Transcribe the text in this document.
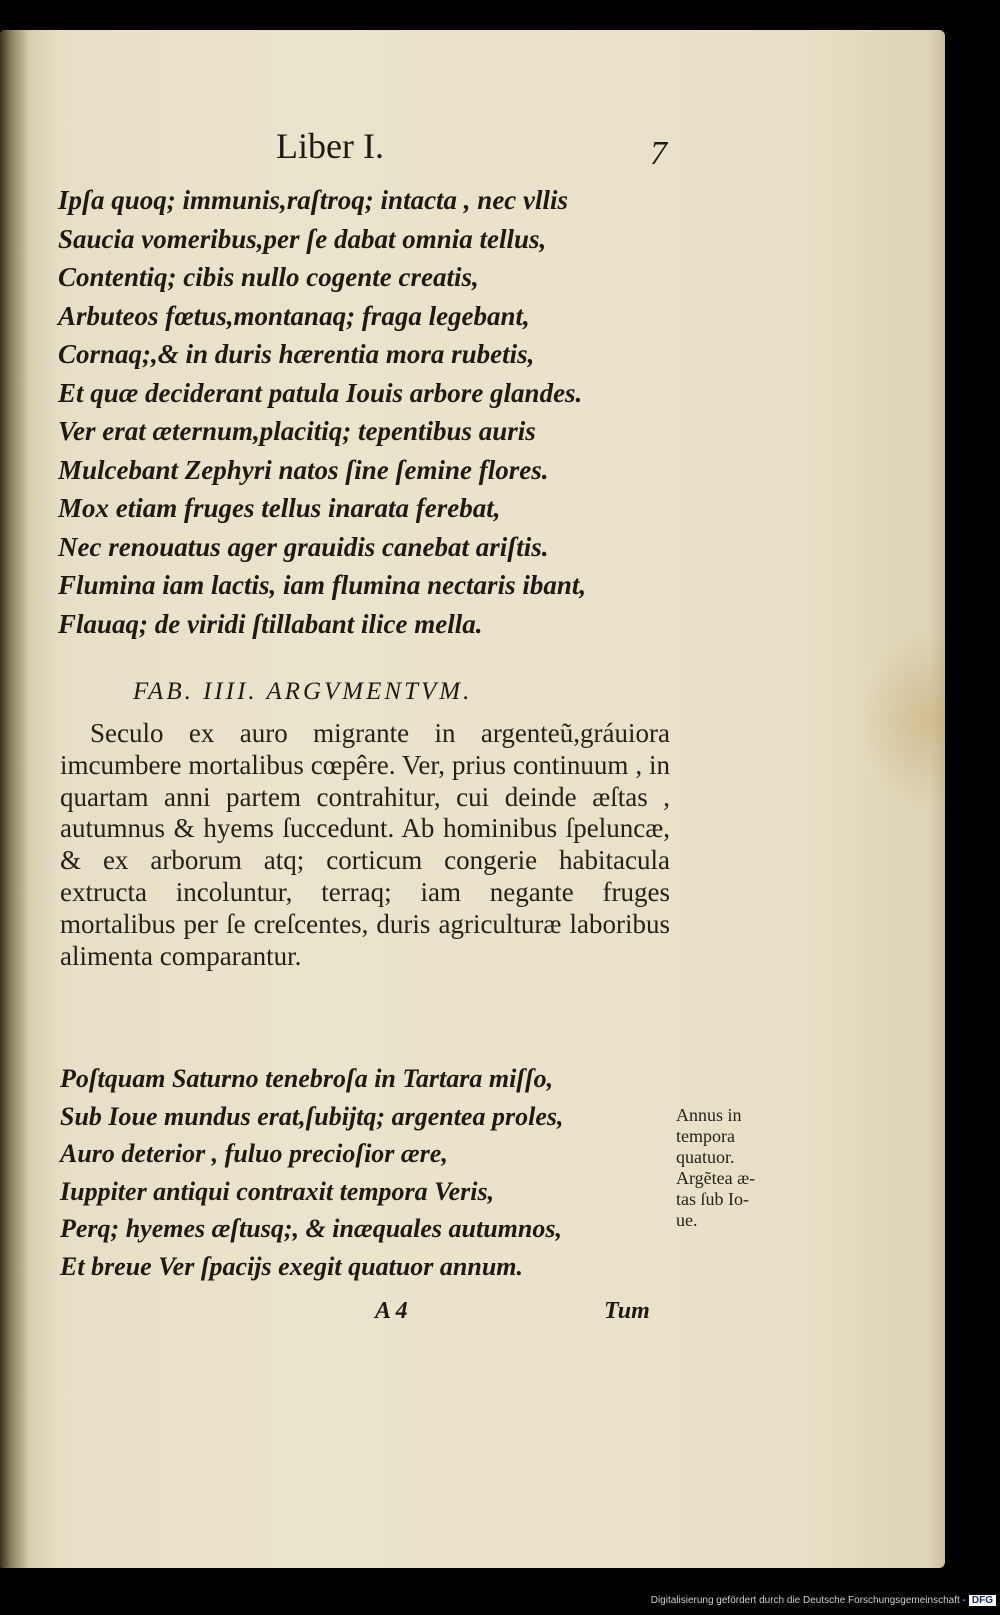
Liber I.	7
Ipſa quoq; immunis,raſtroq; intacta , nec vllis
Saucia vomeribus,per ſe dabat omnia tellus,
Contentiq; cibis nullo cogente creatis,
Arbuteos fœtus,montanaq; fraga legebant,
Cornaq;,& in duris hærentia mora rubetis,
Et quæ deciderant patula Iouis arbore glandes.
Ver erat æternum,placitiq; tepentibus auris
Mulcebant Zephyri natos ſine ſemine flores.
Mox etiam fruges tellus inarata ferebat,
Nec renouatus ager grauidis canebat ariſtis.
Flumina iam lactis, iam flumina nectaris ibant,
Flauaq; de viridi ſtillabant ilice mella.
FAB. IIII. ARGVMENTVM.

Seculo ex auro migrante in argenteũ,gráuiora imcumbere mortalibus cœpêre. Ver, prius continuum , in quartam anni partem contrahitur, cui deinde æſtas , autumnus & hyems ſuccedunt. Ab hominibus ſpeluncæ, & ex arborum atq; corticum congerie habitacula extructa incoluntur, terraq; iam negante fruges mortalibus per ſe creſcentes, duris agriculturæ laboribus alimenta comparantur.

Poſtquam Saturno tenebroſa in Tartara miſſo,
Sub Ioue mundus erat,ſubijtq; argentea proles,
Auro deterior , fuluo precioſior ære,
Iuppiter antiqui contraxit tempora Veris,
Perq; hyemes æſtusq;, & inæquales autumnos,
Et breue Ver ſpacijs exegit quatuor annum.
Annus in
tempora
quatuor.
Argẽtea æ-
tas ſub Io-
ue.
A 4	Tum
Digitalisierung gefördert durch die Deutsche Forschungsgemeinschaft - DFG
